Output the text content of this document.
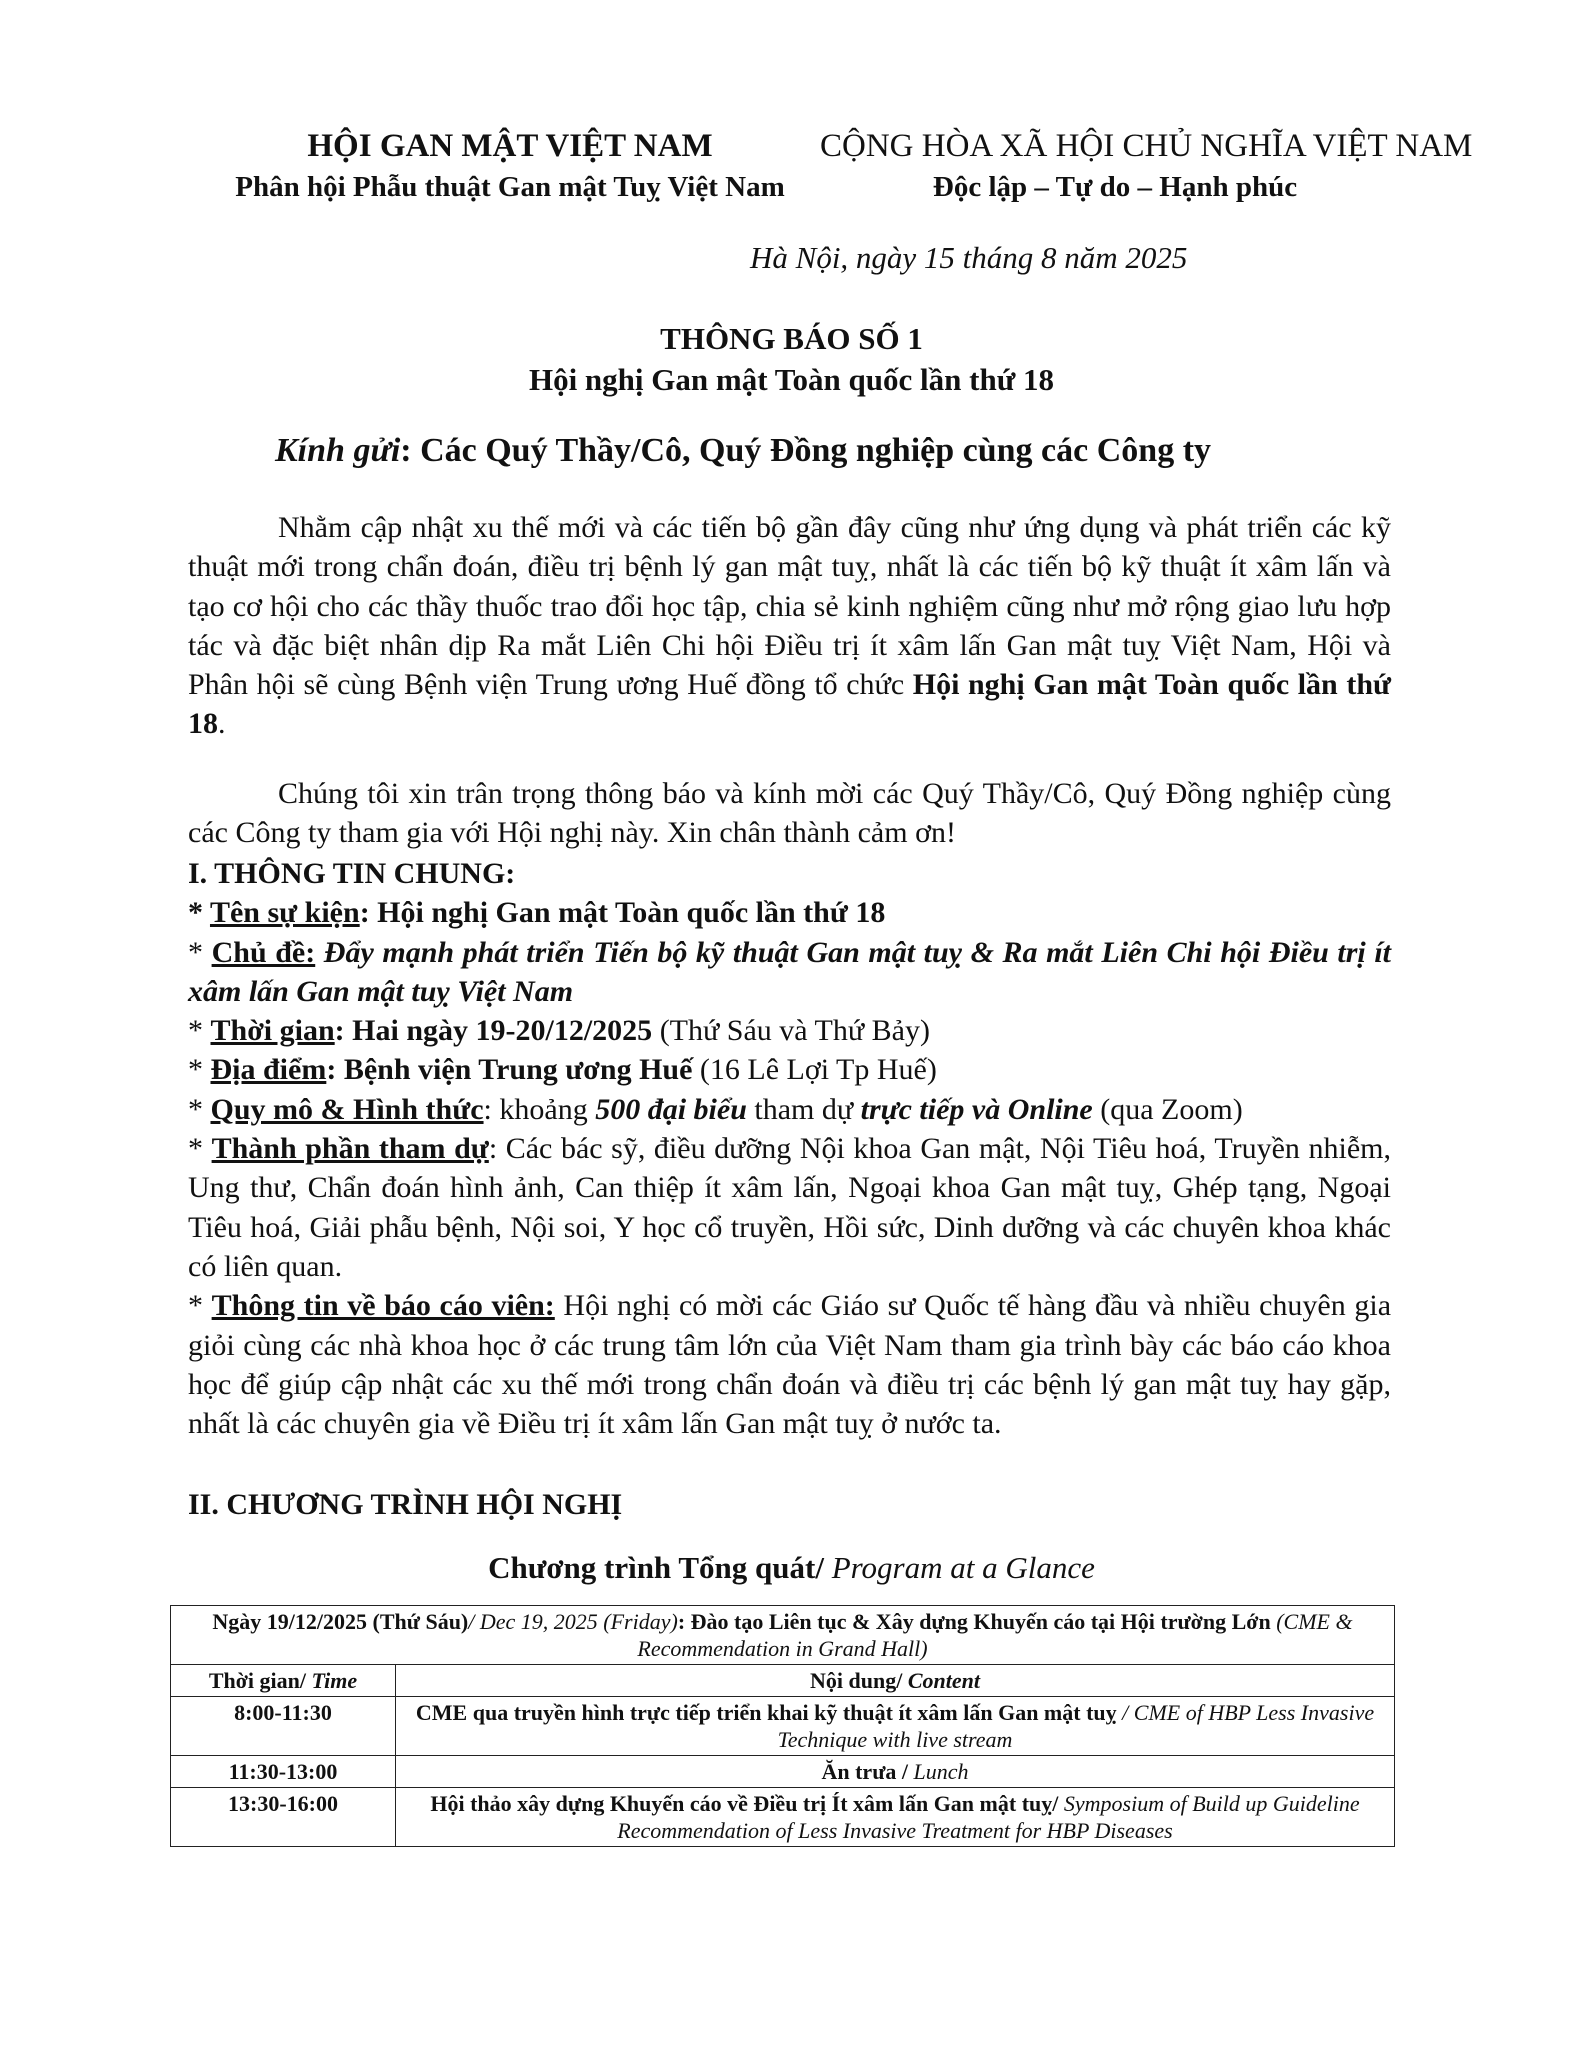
HỘI GAN MẬT VIỆT NAM
Phân hội Phẫu thuật Gan mật Tuỵ Việt Nam
CỘNG HÒA XÃ HỘI CHỦ NGHĨA VIỆT NAM
Độc lập – Tự do – Hạnh phúc
Hà Nội, ngày 15 tháng 8 năm 2025
THÔNG BÁO SỐ 1
Hội nghị Gan mật Toàn quốc lần thứ 18
Kính gửi: Các Quý Thầy/Cô, Quý Đồng nghiệp cùng các Công ty
Nhằm cập nhật xu thế mới và các tiến bộ gần đây cũng như ứng dụng và phát triển các kỹ thuật mới trong chẩn đoán, điều trị bệnh lý gan mật tuỵ, nhất là các tiến bộ kỹ thuật ít xâm lấn và tạo cơ hội cho các thầy thuốc trao đổi học tập, chia sẻ kinh nghiệm cũng như mở rộng giao lưu hợp tác và đặc biệt nhân dịp Ra mắt Liên Chi hội Điều trị ít xâm lấn Gan mật tuỵ Việt Nam, Hội và Phân hội sẽ cùng Bệnh viện Trung ương Huế đồng tổ chức Hội nghị Gan mật Toàn quốc lần thứ 18.
Chúng tôi xin trân trọng thông báo và kính mời các Quý Thầy/Cô, Quý Đồng nghiệp cùng các Công ty tham gia với Hội nghị này. Xin chân thành cảm ơn!
I. THÔNG TIN CHUNG:
* Tên sự kiện: Hội nghị Gan mật Toàn quốc lần thứ 18
* Chủ đề: Đẩy mạnh phát triển Tiến bộ kỹ thuật Gan mật tuỵ & Ra mắt Liên Chi hội Điều trị ít xâm lấn Gan mật tuỵ Việt Nam
* Thời gian: Hai ngày 19-20/12/2025 (Thứ Sáu và Thứ Bảy)
* Địa điểm: Bệnh viện Trung ương Huế (16 Lê Lợi Tp Huế)
* Quy mô & Hình thức: khoảng 500 đại biểu tham dự trực tiếp và Online (qua Zoom)
* Thành phần tham dự: Các bác sỹ, điều dưỡng Nội khoa Gan mật, Nội Tiêu hoá, Truyền nhiễm, Ung thư, Chẩn đoán hình ảnh, Can thiệp ít xâm lấn, Ngoại khoa Gan mật tuỵ, Ghép tạng, Ngoại Tiêu hoá, Giải phẫu bệnh, Nội soi, Y học cổ truyền, Hồi sức, Dinh dưỡng và các chuyên khoa khác có liên quan.
* Thông tin về báo cáo viên: Hội nghị có mời các Giáo sư Quốc tế hàng đầu và nhiều chuyên gia giỏi cùng các nhà khoa học ở các trung tâm lớn của Việt Nam tham gia trình bày các báo cáo khoa học để giúp cập nhật các xu thế mới trong chẩn đoán và điều trị các bệnh lý gan mật tuỵ hay gặp, nhất là các chuyên gia về Điều trị ít xâm lấn Gan mật tuỵ ở nước ta.
II. CHƯƠNG TRÌNH HỘI NGHỊ
Chương trình Tổng quát/ Program at a Glance
Ngày 19/12/2025 (Thứ Sáu)/ Dec 19, 2025 (Friday): Đào tạo Liên tục & Xây dựng Khuyến cáo tại Hội trường Lớn (CME & Recommendation in Grand Hall)	
Thời gian/ Time	Nội dung/ Content
8:00-11:30	CME qua truyền hình trực tiếp triển khai kỹ thuật ít xâm lấn Gan mật tuỵ / CME of HBP Less Invasive Technique with live stream
11:30-13:00	Ăn trưa / Lunch
13:30-16:00	Hội thảo xây dựng Khuyến cáo về Điều trị Ít xâm lấn Gan mật tuỵ/ Symposium of Build up Guideline Recommendation of Less Invasive Treatment for HBP Diseases
